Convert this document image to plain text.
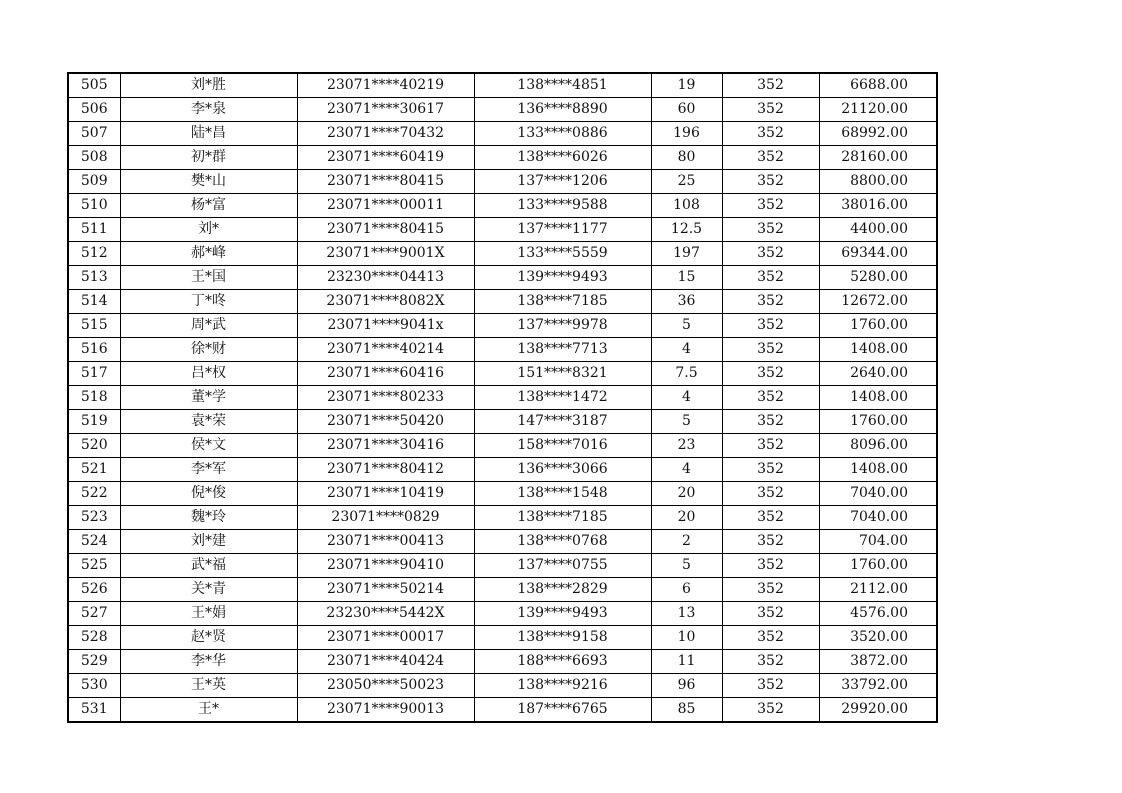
505	刘*胜	23071****40219	138****4851	19	352	6688.00
506	李*泉	23071****30617	136****8890	60	352	21120.00
507	陆*昌	23071****70432	133****0886	196	352	68992.00
508	初*群	23071****60419	138****6026	80	352	28160.00
509	樊*山	23071****80415	137****1206	25	352	8800.00
510	杨*富	23071****00011	133****9588	108	352	38016.00
511	刘*	23071****80415	137****1177	12.5	352	4400.00
512	郝*峰	23071****9001X	133****5559	197	352	69344.00
513	王*国	23230****04413	139****9493	15	352	5280.00
514	丁*咚	23071****8082X	138****7185	36	352	12672.00
515	周*武	23071****9041x	137****9978	5	352	1760.00
516	徐*财	23071****40214	138****7713	4	352	1408.00
517	吕*权	23071****60416	151****8321	7.5	352	2640.00
518	董*学	23071****80233	138****1472	4	352	1408.00
519	袁*荣	23071****50420	147****3187	5	352	1760.00
520	侯*文	23071****30416	158****7016	23	352	8096.00
521	李*军	23071****80412	136****3066	4	352	1408.00
522	倪*俊	23071****10419	138****1548	20	352	7040.00
523	魏*玲	23071****0829	138****7185	20	352	7040.00
524	刘*建	23071****00413	138****0768	2	352	704.00
525	武*福	23071****90410	137****0755	5	352	1760.00
526	关*青	23071****50214	138****2829	6	352	2112.00
527	王*娟	23230****5442X	139****9493	13	352	4576.00
528	赵*贤	23071****00017	138****9158	10	352	3520.00
529	李*华	23071****40424	188****6693	11	352	3872.00
530	王*英	23050****50023	138****9216	96	352	33792.00
531	王*	23071****90013	187****6765	85	352	29920.00
